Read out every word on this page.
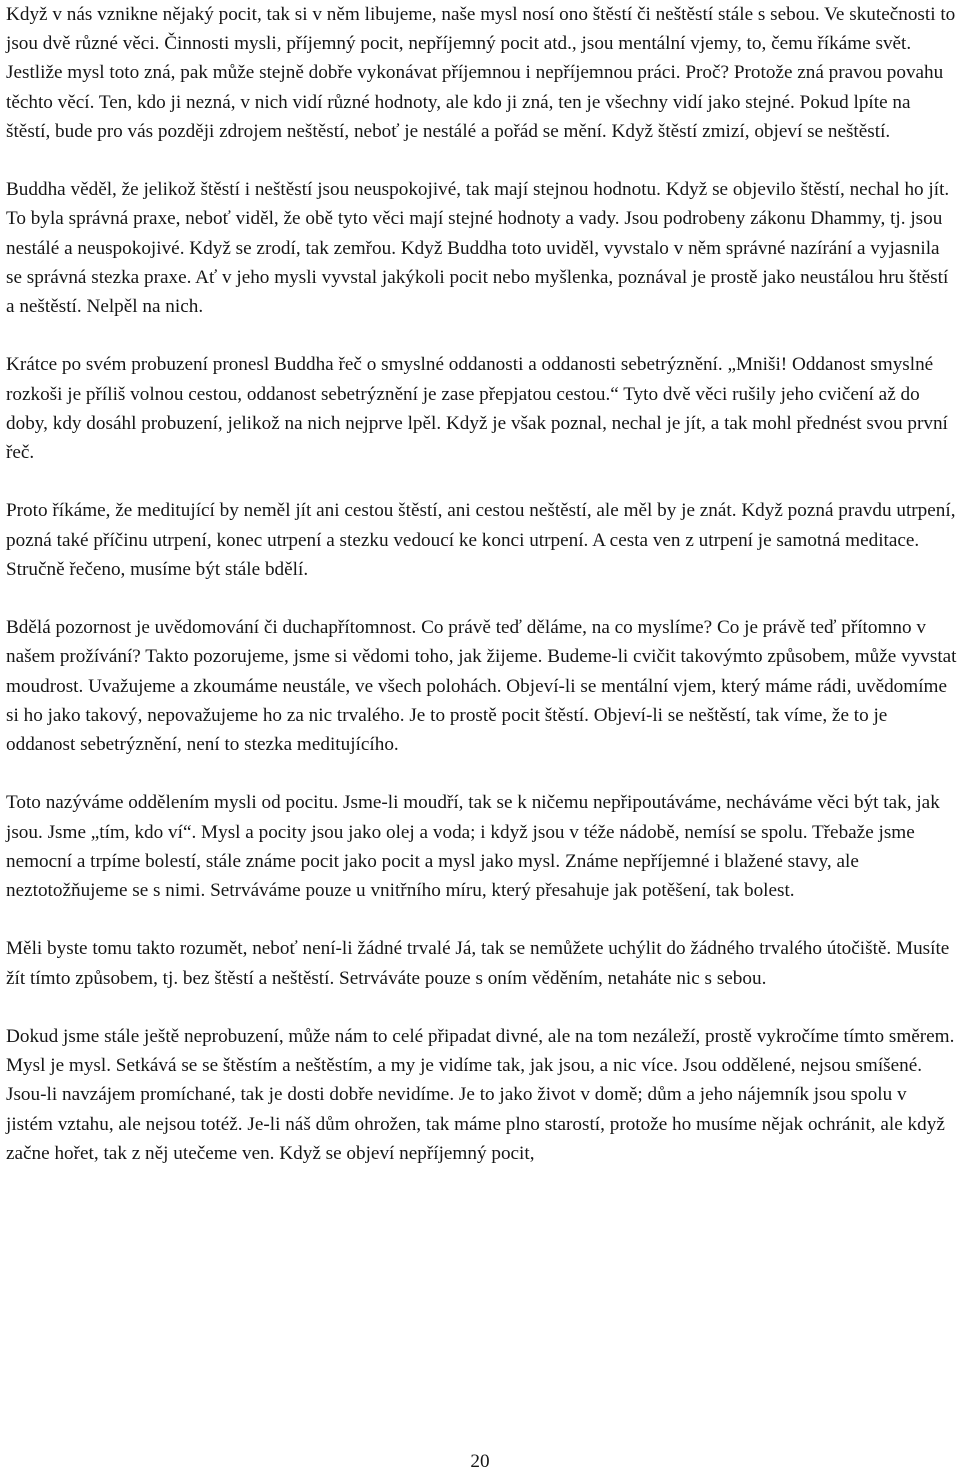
Když v nás vznikne nějaký pocit, tak si v něm libujeme, naše mysl nosí ono štěstí či neštěstí stále s sebou. Ve skutečnosti to jsou dvě různé věci. Činnosti mysli, příjemný pocit, nepříjemný pocit atd., jsou mentální vjemy, to, čemu říkáme svět. Jestliže mysl toto zná, pak může stejně dobře vykonávat příjemnou i nepříjemnou práci. Proč? Protože zná pravou povahu těchto věcí. Ten, kdo ji nezná, v nich vidí různé hodnoty, ale kdo ji zná, ten je všechny vidí jako stejné. Pokud lpíte na štěstí, bude pro vás později zdrojem neštěstí, neboť je nestálé a pořád se mění. Když štěstí zmizí, objeví se neštěstí.

Buddha věděl, že jelikož štěstí i neštěstí jsou neuspokojivé, tak mají stejnou hodnotu. Když se objevilo štěstí, nechal ho jít. To byla správná praxe, neboť viděl, že obě tyto věci mají stejné hodnoty a vady. Jsou podrobeny zákonu Dhammy, tj. jsou nestálé a neuspokojivé. Když se zrodí, tak zemřou. Když Buddha toto uviděl, vyvstalo v něm správné nazírání a vyjasnila se správná stezka praxe. Ať v jeho mysli vyvstal jakýkoli pocit nebo myšlenka, poznával je prostě jako neustálou hru štěstí a neštěstí. Nelpěl na nich.

Krátce po svém probuzení pronesl Buddha řeč o smyslné oddanosti a oddanosti sebetrýznění. „Mniši! Oddanost smyslné rozkoši je příliš volnou cestou, oddanost sebetrýznění je zase přepjatou cestou.“ Tyto dvě věci rušily jeho cvičení až do doby, kdy dosáhl probuzení, jelikož na nich nejprve lpěl. Když je však poznal, nechal je jít, a tak mohl přednést svou první řeč.

Proto říkáme, že meditující by neměl jít ani cestou štěstí, ani cestou neštěstí, ale měl by je znát. Když pozná pravdu utrpení, pozná také příčinu utrpení, konec utrpení a stezku vedoucí ke konci utrpení. A cesta ven z utrpení je samotná meditace. Stručně řečeno, musíme být stále bdělí.

Bdělá pozornost je uvědomování či duchapřítomnost. Co právě teď děláme, na co myslíme? Co je právě teď přítomno v našem prožívání? Takto pozorujeme, jsme si vědomi toho, jak žijeme. Budeme-li cvičit takovýmto způsobem, může vyvstat moudrost. Uvažujeme a zkoumáme neustále, ve všech polohách. Objeví-li se mentální vjem, který máme rádi, uvědomíme si ho jako takový, nepovažujeme ho za nic trvalého. Je to prostě pocit štěstí. Objeví-li se neštěstí, tak víme, že to je oddanost sebetrýznění, není to stezka meditujícího.

Toto nazýváme oddělením mysli od pocitu. Jsme-li moudří, tak se k ničemu nepřipoutáváme, necháváme věci být tak, jak jsou. Jsme „tím, kdo ví“. Mysl a pocity jsou jako olej a voda; i když jsou v téže nádobě, nemísí se spolu. Třebaže jsme nemocní a trpíme bolestí, stále známe pocit jako pocit a mysl jako mysl. Známe nepříjemné i blažené stavy, ale neztotožňujeme se s nimi. Setrváváme pouze u vnitřního míru, který přesahuje jak potěšení, tak bolest.

Měli byste tomu takto rozumět, neboť není-li žádné trvalé Já, tak se nemůžete uchýlit do žádného trvalého útočiště. Musíte žít tímto způsobem, tj. bez štěstí a neštěstí. Setrváváte pouze s oním věděním, netaháte nic s sebou.

Dokud jsme stále ještě neprobuzení, může nám to celé připadat divné, ale na tom nezáleží, prostě vykročíme tímto směrem. Mysl je mysl. Setkává se se štěstím a neštěstím, a my je vidíme tak, jak jsou, a nic více. Jsou oddělené, nejsou smíšené. Jsou-li navzájem promíchané, tak je dosti dobře nevidíme. Je to jako život v domě; dům a jeho nájemník jsou spolu v jistém vztahu, ale nejsou totéž. Je-li náš dům ohrožen, tak máme plno starostí, protože ho musíme nějak ochránit, ale když začne hořet, tak z něj utečeme ven. Když se objeví nepříjemný pocit,

20
